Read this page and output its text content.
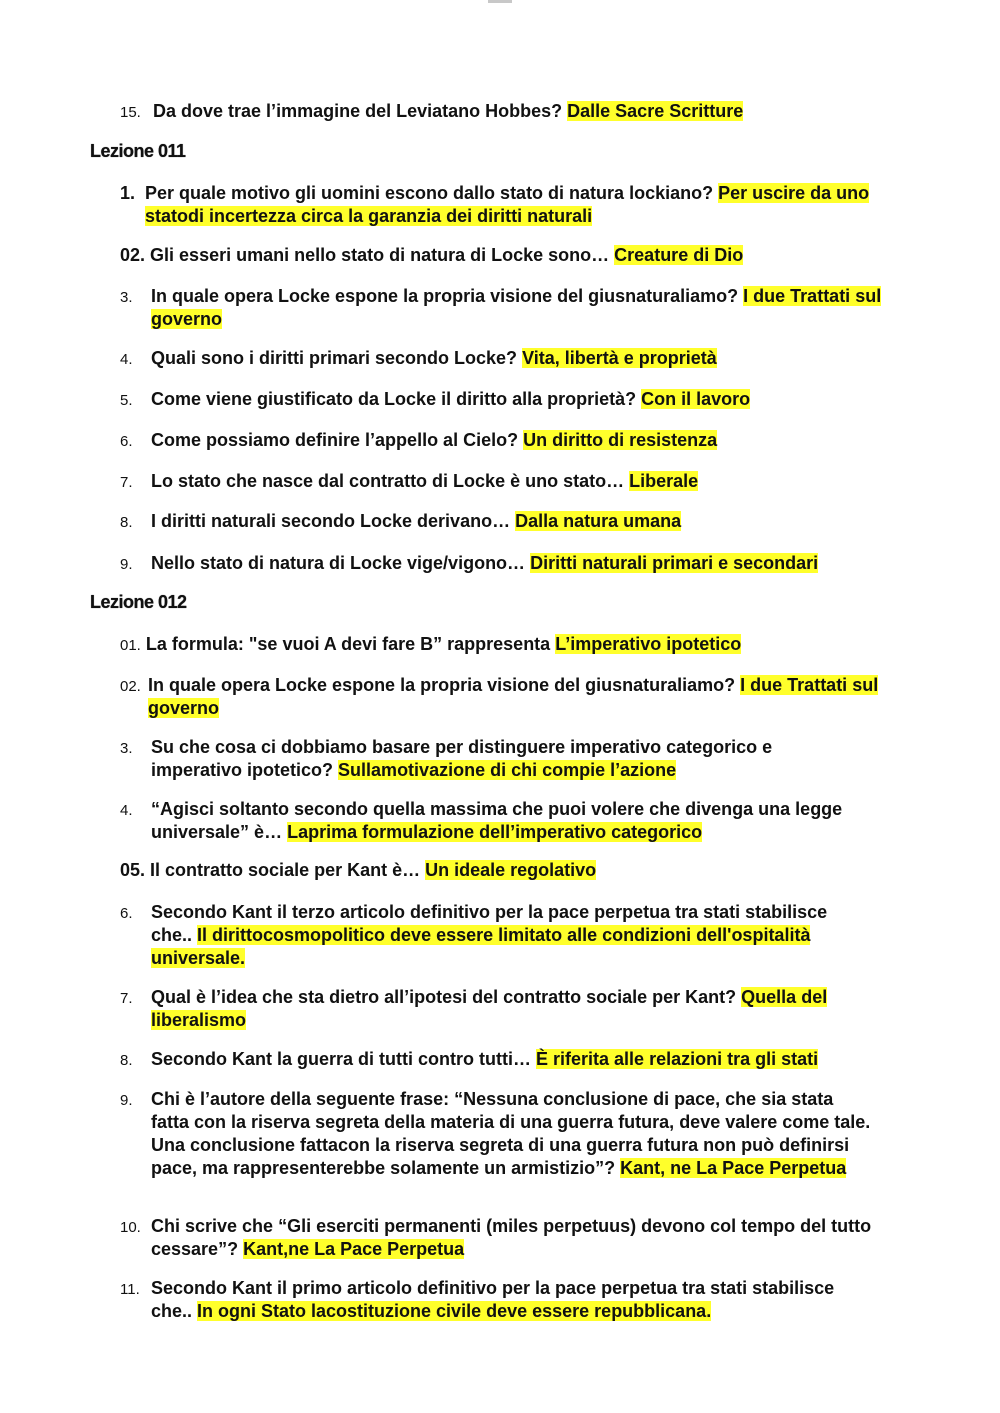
15. Da dove trae l’immagine del Leviatano Hobbes? Dalle Sacre Scritture
Lezione 011
1. Per quale motivo gli uomini escono dallo stato di natura lockiano? Per uscire da uno statodi incertezza circa la garanzia dei diritti naturali
02. Gli esseri umani nello stato di natura di Locke sono… Creature di Dio
3. In quale opera Locke espone la propria visione del giusnaturaliamo? I due Trattati sul governo
4. Quali sono i diritti primari secondo Locke? Vita, libertà e proprietà
5. Come viene giustificato da Locke il diritto alla proprietà? Con il lavoro
6. Come possiamo definire l’appello al Cielo? Un diritto di resistenza
7. Lo stato che nasce dal contratto di Locke è uno stato… Liberale
8. I diritti naturali secondo Locke derivano… Dalla natura umana
9. Nello stato di natura di Locke vige/vigono… Diritti naturali primari e secondari
Lezione 012
01. La formula: "se vuoi A devi fare B” rappresenta L’imperativo ipotetico
02. In quale opera Locke espone la propria visione del giusnaturaliamo? I due Trattati sul governo
3. Su che cosa ci dobbiamo basare per distinguere imperativo categorico e imperativo ipotetico? Sullamotivazione di chi compie l’azione
4. “Agisci soltanto secondo quella massima che puoi volere che divenga una legge universale” è… Laprima formulazione dell’imperativo categorico
05. Il contratto sociale per Kant è… Un ideale regolativo
6. Secondo Kant il terzo articolo definitivo per la pace perpetua tra stati stabilisce che.. Il dirittocosmopolitico deve essere limitato alle condizioni dell'ospitalità universale.
7. Qual è l’idea che sta dietro all’ipotesi del contratto sociale per Kant? Quella del liberalismo
8. Secondo Kant la guerra di tutti contro tutti… È riferita alle relazioni tra gli stati
9. Chi è l’autore della seguente frase: “Nessuna conclusione di pace, che sia stata fatta con la riserva segreta della materia di una guerra futura, deve valere come tale. Una conclusione fattacon la riserva segreta di una guerra futura non può definirsi pace, ma rappresenterebbe solamente un armistizio”? Kant, ne La Pace Perpetua
10. Chi scrive che “Gli eserciti permanenti (miles perpetuus) devono col tempo del tutto cessare”? Kant,ne La Pace Perpetua
11. Secondo Kant il primo articolo definitivo per la pace perpetua tra stati stabilisce che.. In ogni Stato lacostituzione civile deve essere repubblicana.
